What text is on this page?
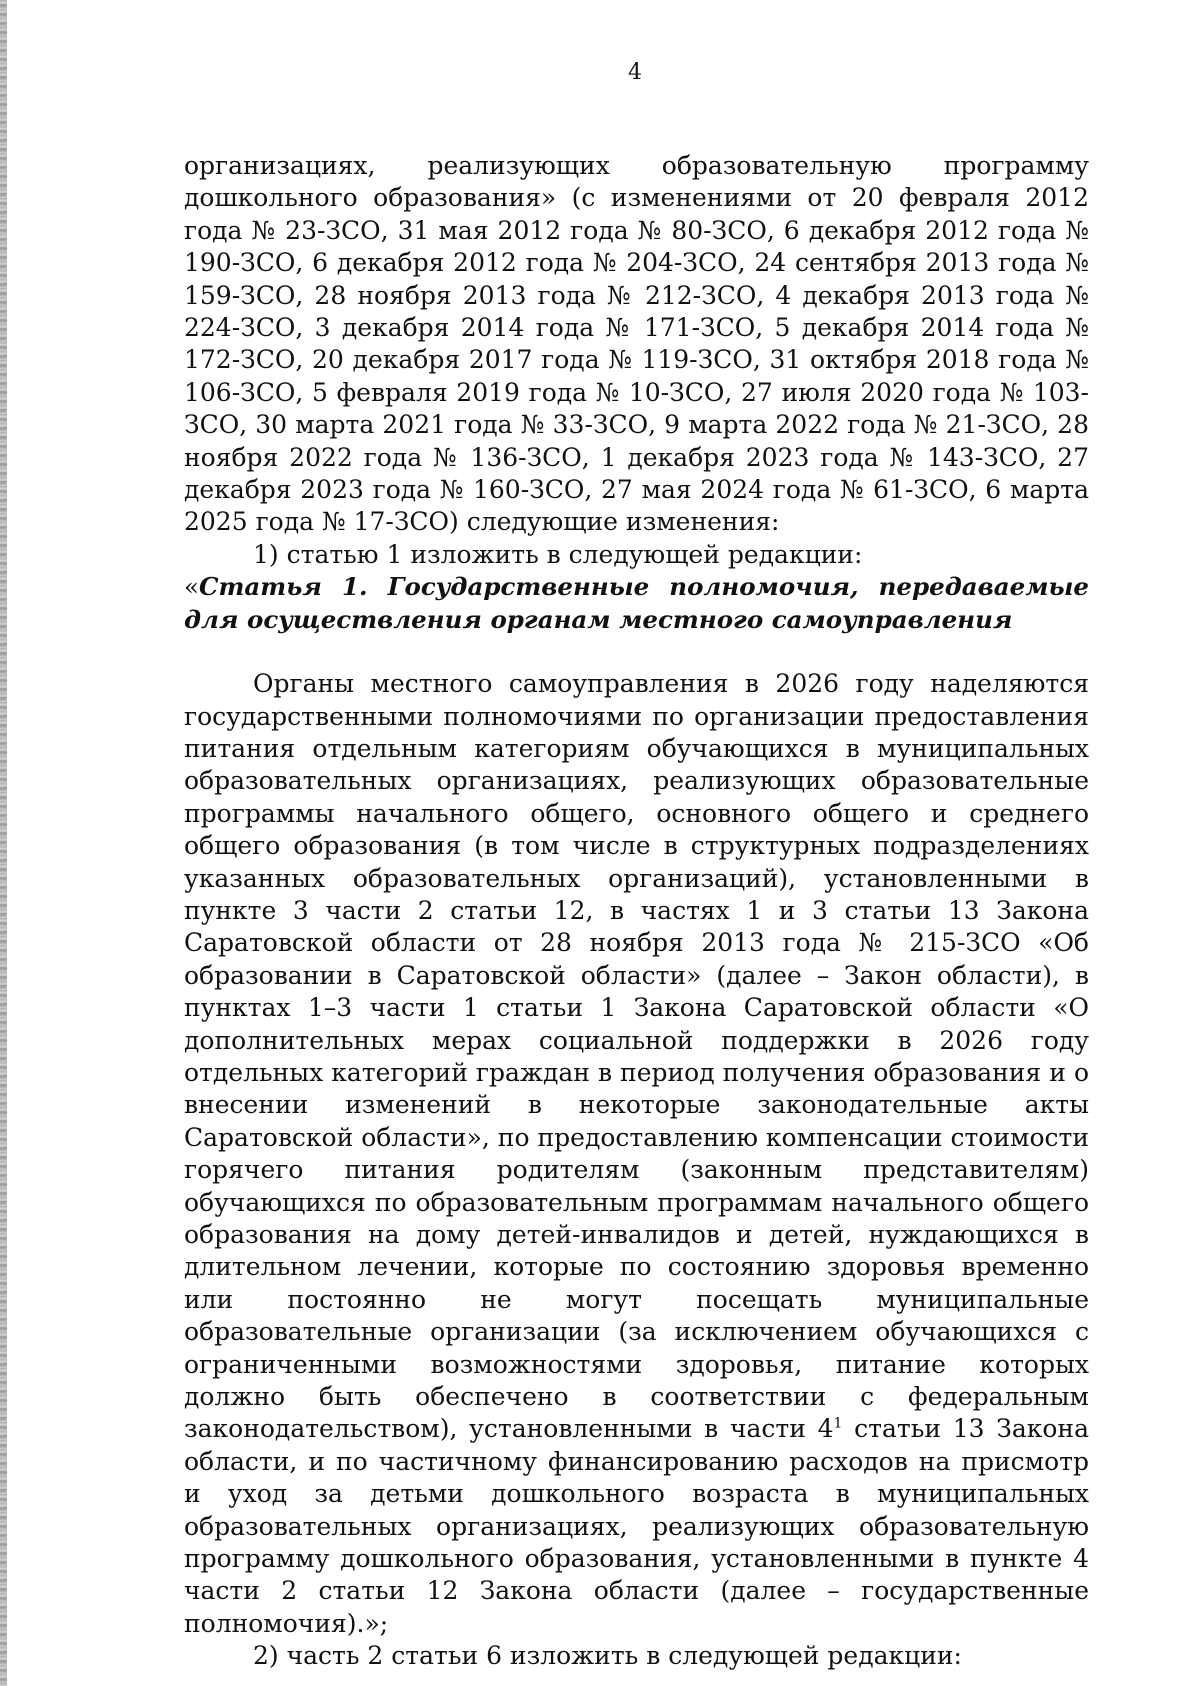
4

организациях, реализующих образовательную программу дошкольного образования» (с изменениями от 20 февраля 2012 года № 23-ЗСО, 31 мая 2012 года № 80-ЗСО, 6 декабря 2012 года № 190-ЗСО, 6 декабря 2012 года № 204-ЗСО, 24 сентября 2013 года № 159-ЗСО, 28 ноября 2013 года № 212-ЗСО, 4 декабря 2013 года № 224-ЗСО, 3 декабря 2014 года № 171-ЗСО, 5 декабря 2014 года № 172-ЗСО, 20 декабря 2017 года № 119-ЗСО, 31 октября 2018 года № 106-ЗСО, 5 февраля 2019 года № 10-ЗСО, 27 июля 2020 года № 103-ЗСО, 30 марта 2021 года № 33-ЗСО, 9 марта 2022 года № 21-ЗСО, 28 ноября 2022 года № 136-ЗСО, 1 декабря 2023 года № 143-ЗСО, 27 декабря 2023 года № 160-ЗСО, 27 мая 2024 года № 61-ЗСО, 6 марта 2025 года № 17-ЗСО) следующие изменения:

1) статью 1 изложить в следующей редакции:

«Статья 1. Государственные полномочия, передаваемые для осуществления органам местного самоуправления

Органы местного самоуправления в 2026 году наделяются государственными полномочиями по организации предоставления питания отдельным категориям обучающихся в муниципальных образовательных организациях, реализующих образовательные программы начального общего, основного общего и среднего общего образования (в том числе в структурных подразделениях указанных образовательных организаций), установленными в пункте 3 части 2 статьи 12, в частях 1 и 3 статьи 13 Закона Саратовской области от 28 ноября 2013 года № 215-ЗСО «Об образовании в Саратовской области» (далее – Закон области), в пунктах 1–3 части 1 статьи 1 Закона Саратовской области «О дополнительных мерах социальной поддержки в 2026 году отдельных категорий граждан в период получения образования и о внесении изменений в некоторые законодательные акты Саратовской области», по предоставлению компенсации стоимости горячего питания родителям (законным представителям) обучающихся по образовательным программам начального общего образования на дому детей-инвалидов и детей, нуждающихся в длительном лечении, которые по состоянию здоровья временно или постоянно не могут посещать муниципальные образовательные организации (за исключением обучающихся с ограниченными возможностями здоровья, питание которых должно быть обеспечено в соответствии с федеральным законодательством), установленными в части $4^1$ статьи 13 Закона области, и по частичному финансированию расходов на присмотр и уход за детьми дошкольного возраста в муниципальных образовательных организациях, реализующих образовательную программу дошкольного образования, установленными в пункте 4 части 2 статьи 12 Закона области (далее – государственные полномочия).»;

2) часть 2 статьи 6 изложить в следующей редакции:
